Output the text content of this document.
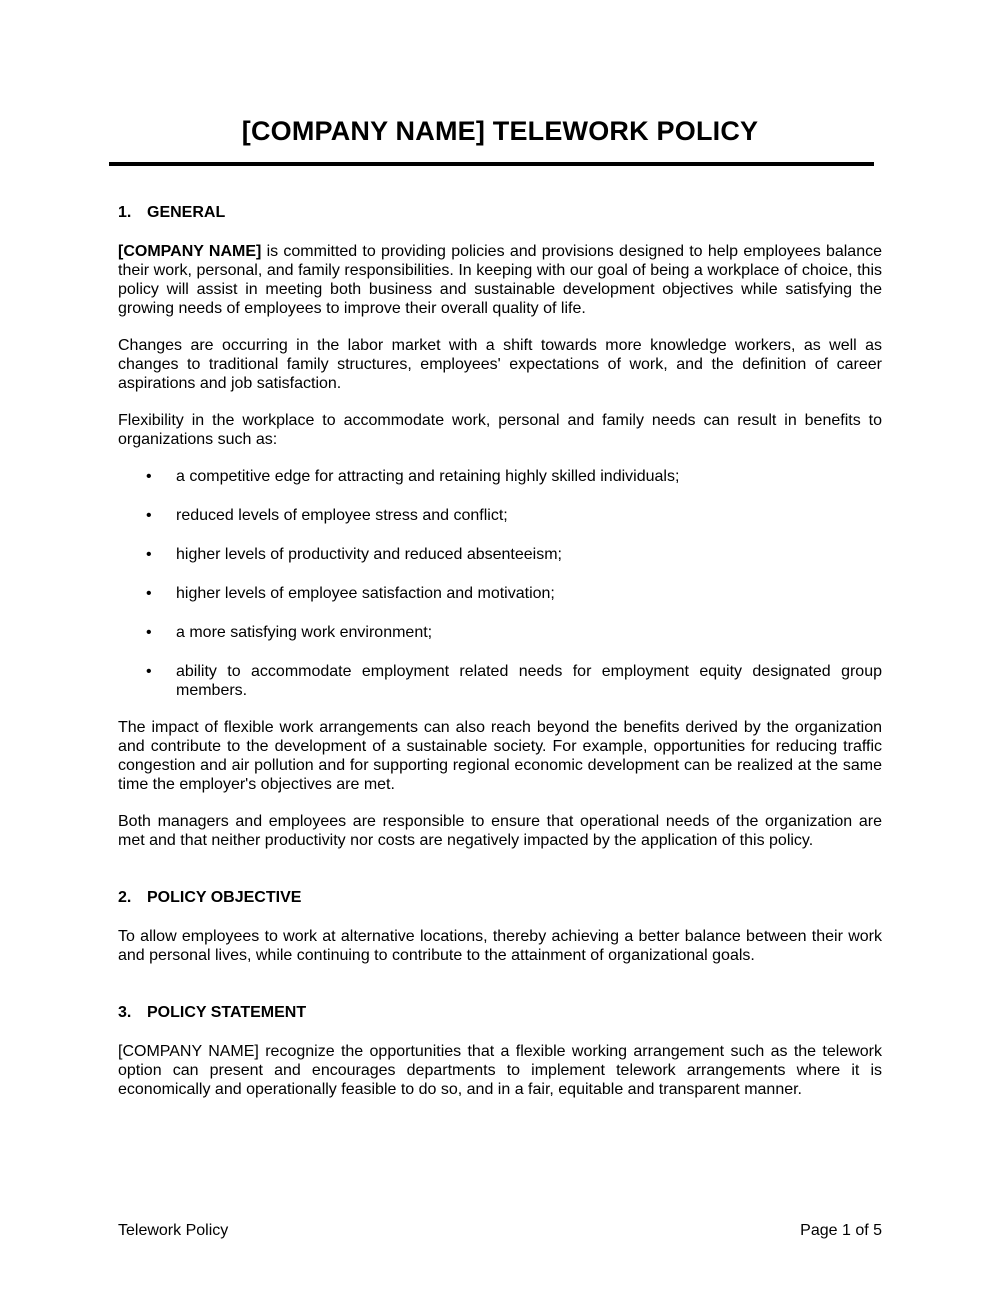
[COMPANY NAME] TELEWORK POLICY
1. GENERAL

[COMPANY NAME] is committed to providing policies and provisions designed to help employees balance their work, personal, and family responsibilities. In keeping with our goal of being a workplace of choice, this policy will assist in meeting both business and sustainable development objectives while satisfying the growing needs of employees to improve their overall quality of life.

Changes are occurring in the labor market with a shift towards more knowledge workers, as well as changes to traditional family structures, employees' expectations of work, and the definition of career aspirations and job satisfaction.

Flexibility in the workplace to accommodate work, personal and family needs can result in benefits to organizations such as:

•	a competitive edge for attracting and retaining highly skilled individuals;
•	reduced levels of employee stress and conflict;
•	higher levels of productivity and reduced absenteeism;
•	higher levels of employee satisfaction and motivation;
•	a more satisfying work environment;
•	ability to accommodate employment related needs for employment equity designated group members.

The impact of flexible work arrangements can also reach beyond the benefits derived by the organization and contribute to the development of a sustainable society. For example, opportunities for reducing traffic congestion and air pollution and for supporting regional economic development can be realized at the same time the employer's objectives are met.

Both managers and employees are responsible to ensure that operational needs of the organization are met and that neither productivity nor costs are negatively impacted by the application of this policy.

2. POLICY OBJECTIVE

To allow employees to work at alternative locations, thereby achieving a better balance between their work and personal lives, while continuing to contribute to the attainment of organizational goals.

3. POLICY STATEMENT

[COMPANY NAME] recognize the opportunities that a flexible working arrangement such as the telework option can present and encourages departments to implement telework arrangements where it is economically and operationally feasible to do so, and in a fair, equitable and transparent manner.

Telework Policy	Page 1 of 5
